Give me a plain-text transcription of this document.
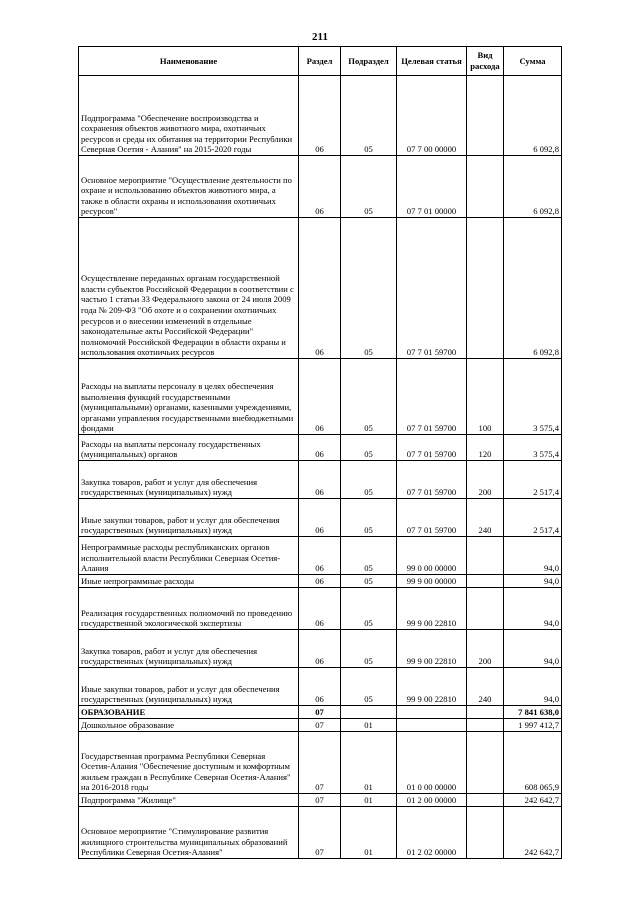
211
Наименование	Раздел	Подраздел	Целевая статья	Вид расхода	Сумма
Подпрограмма "Обеспечение воспроизводства и сохранения объектов животного мира, охотничьих ресурсов и среды их обитания на территории Республики Северная Осетия - Алания" на 2015-2020 годы	06	05	07 7 00 00000		6 092,8
Основное мероприятие "Осуществление деятельности по охране и использованию объектов животного мира, а также в области охраны и использования охотничьих ресурсов"	06	05	07 7 01 00000		6 092,8
Осуществление переданных органам государственной власти субъектов Российской Федерации в соответствии с частью 1 статьи 33 Федерального закона от 24 июля 2009 года № 209-ФЗ "Об охоте и о сохранении охотничьих ресурсов и о внесении изменений в отдельные законодательные акты Российской Федерации" полномочий Российской Федерации в области охраны и использования охотничьих ресурсов	06	05	07 7 01 59700		6 092,8
Расходы на выплаты персоналу в целях обеспечения выполнения функций государственными (муниципальными) органами, казенными учреждениями, органами управления государственными внебюджетными фондами	06	05	07 7 01 59700	100	3 575,4
Расходы на выплаты персоналу государственных (муниципальных) органов	06	05	07 7 01 59700	120	3 575,4
Закупка товаров, работ и услуг для обеспечения государственных (муниципальных) нужд	06	05	07 7 01 59700	200	2 517,4
Иные закупки товаров, работ и услуг для обеспечения государственных (муниципальных) нужд	06	05	07 7 01 59700	240	2 517,4
Непрограммные расходы республиканских органов исполнительной власти Республики Северная Осетия-Алания	06	05	99 0 00 00000		94,0
Иные непрограммные расходы	06	05	99 9 00 00000		94,0
Реализация государственных полномочий по проведению государственной экологической экспертизы	06	05	99 9 00 22810		94,0
Закупка товаров, работ и услуг для обеспечения государственных (муниципальных) нужд	06	05	99 9 00 22810	200	94,0
Иные закупки товаров, работ и услуг для обеспечения государственных (муниципальных) нужд	06	05	99 9 00 22810	240	94,0
ОБРАЗОВАНИЕ	07				7 841 638,0
Дошкольное образование	07	01			1 997 412,7
Государственная программа Республики Северная Осетия-Алания "Обеспечение доступным и комфортным жильем граждан в Республике Северная Осетия-Алания" на 2016-2018 годы	07	01	01 0 00 00000		608 065,9
Подпрограмма "Жилище"	07	01	01 2 00 00000		242 642,7
Основное мероприятие "Стимулирование развития жилищного строительства муниципальных образований Республики Северная Осетия-Алания"	07	01	01 2 02 00000		242 642,7
